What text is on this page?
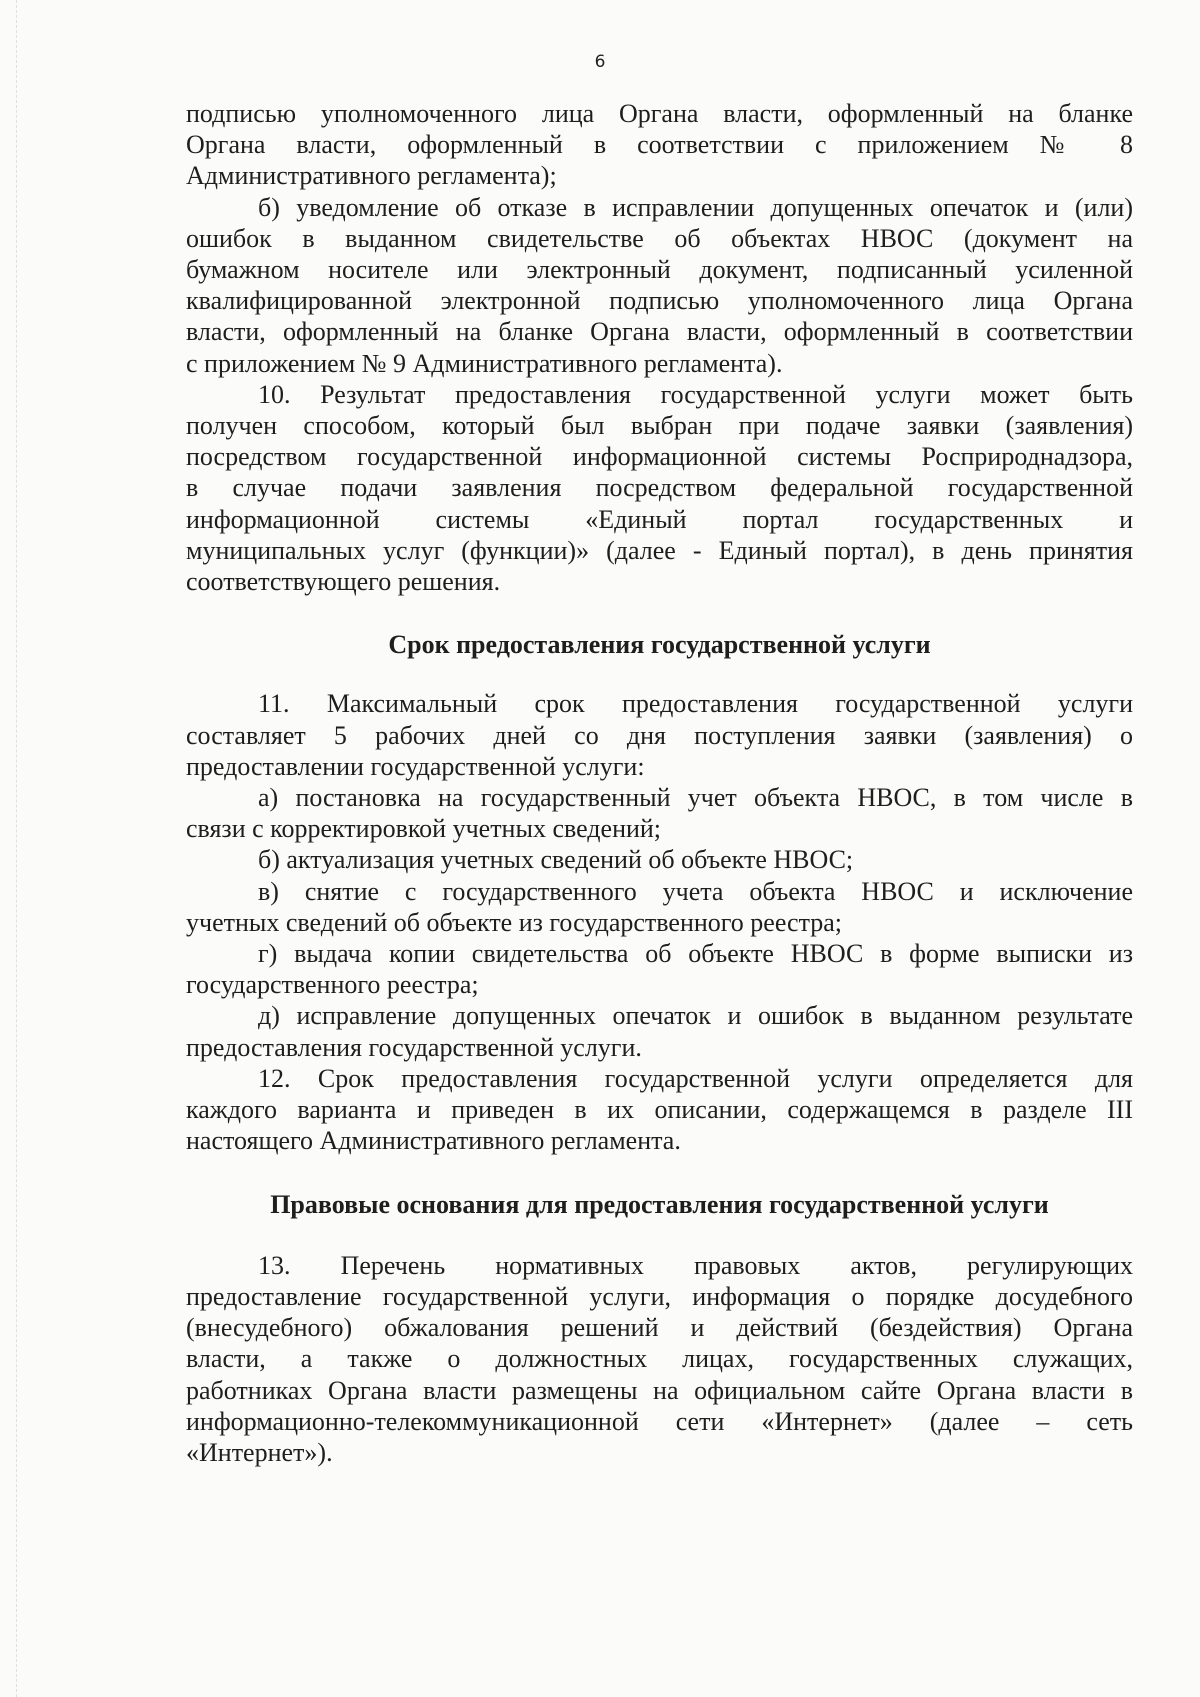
6
подписью уполномоченного лица Органа власти, оформленный на бланке
Органа власти, оформленный в соответствии с приложением № 8
Административного регламента);
б) уведомление об отказе в исправлении допущенных опечаток и (или)
ошибок в выданном свидетельстве об объектах НВОС (документ на
бумажном носителе или электронный документ, подписанный усиленной
квалифицированной электронной подписью уполномоченного лица Органа
власти, оформленный на бланке Органа власти, оформленный в соответствии
с приложением № 9 Административного регламента).
10. Результат предоставления государственной услуги может быть
получен способом, который был выбран при подаче заявки (заявления)
посредством государственной информационной системы Росприроднадзора,
в случае подачи заявления посредством федеральной государственной
информационной системы «Единый портал государственных и
муниципальных услуг (функции)» (далее - Единый портал), в день принятия
соответствующего решения.
Срок предоставления государственной услуги
11. Максимальный срок предоставления государственной услуги
составляет 5 рабочих дней со дня поступления заявки (заявления) о
предоставлении государственной услуги:
а) постановка на государственный учет объекта НВОС, в том числе в
связи с корректировкой учетных сведений;
б) актуализация учетных сведений об объекте НВОС;
в) снятие с государственного учета объекта НВОС и исключение
учетных сведений об объекте из государственного реестра;
г) выдача копии свидетельства об объекте НВОС в форме выписки из
государственного реестра;
д) исправление допущенных опечаток и ошибок в выданном результате
предоставления государственной услуги.
12. Срок предоставления государственной услуги определяется для
каждого варианта и приведен в их описании, содержащемся в разделе III
настоящего Административного регламента.
Правовые основания для предоставления государственной услуги
13. Перечень нормативных правовых актов, регулирующих
предоставление государственной услуги, информация о порядке досудебного
(внесудебного) обжалования решений и действий (бездействия) Органа
власти, а также о должностных лицах, государственных служащих,
работниках Органа власти размещены на официальном сайте Органа власти в
информационно-телекоммуникационной сети «Интернет» (далее – сеть
«Интернет»).
